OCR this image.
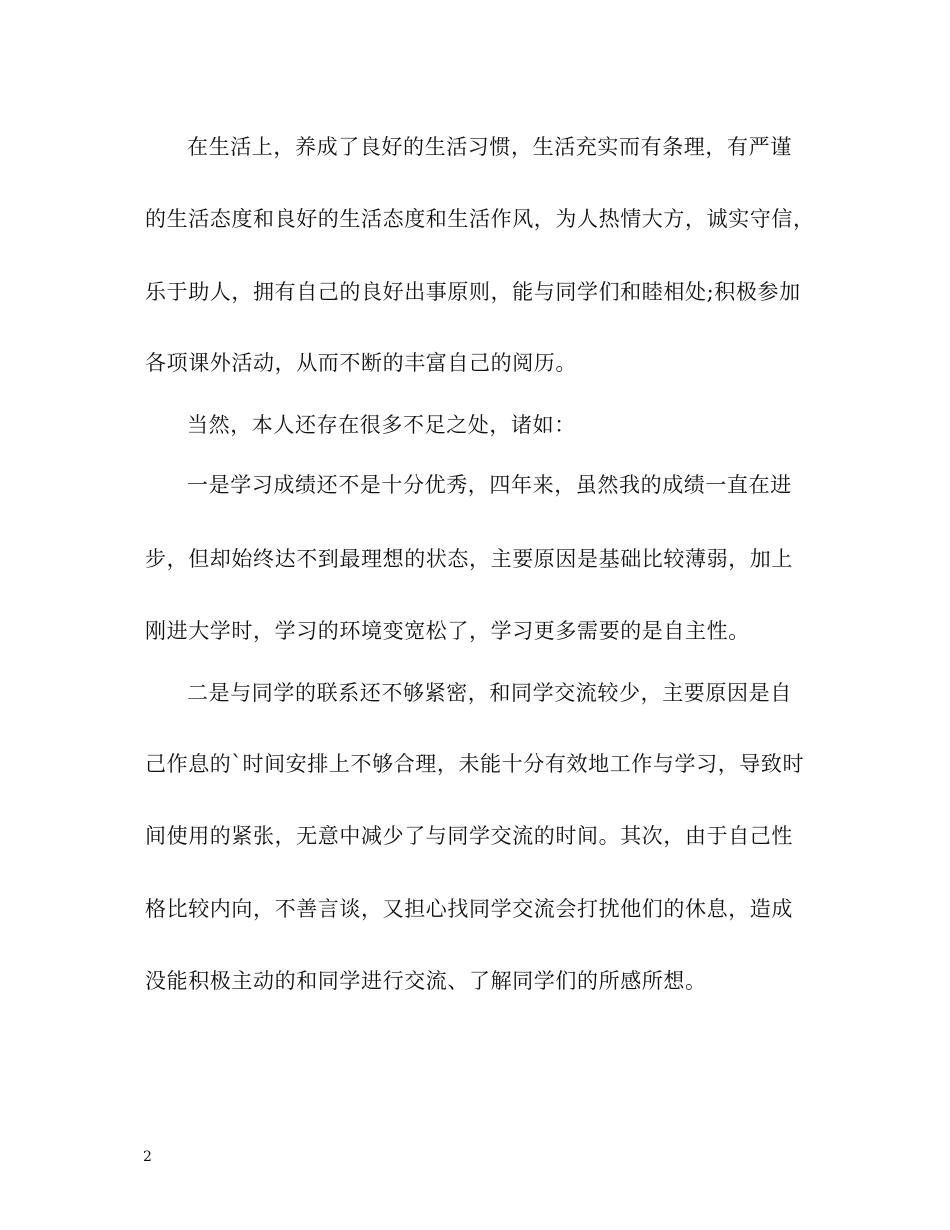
在生活上，养成了良好的生活习惯，生活充实而有条理，有严谨
的生活态度和良好的生活态度和生活作风，为人热情大方，诚实守信，
乐于助人，拥有自己的良好出事原则，能与同学们和睦相处;积极参加
各项课外活动，从而不断的丰富自己的阅历。
当然，本人还存在很多不足之处，诸如：
一是学习成绩还不是十分优秀，四年来，虽然我的成绩一直在进
步，但却始终达不到最理想的状态，主要原因是基础比较薄弱，加上
刚进大学时，学习的环境变宽松了，学习更多需要的是自主性。
二是与同学的联系还不够紧密，和同学交流较少，主要原因是自
己作息的`时间安排上不够合理，未能十分有效地工作与学习，导致时
间使用的紧张，无意中减少了与同学交流的时间。其次，由于自己性
格比较内向，不善言谈，又担心找同学交流会打扰他们的休息，造成
没能积极主动的和同学进行交流、了解同学们的所感所想。
2
